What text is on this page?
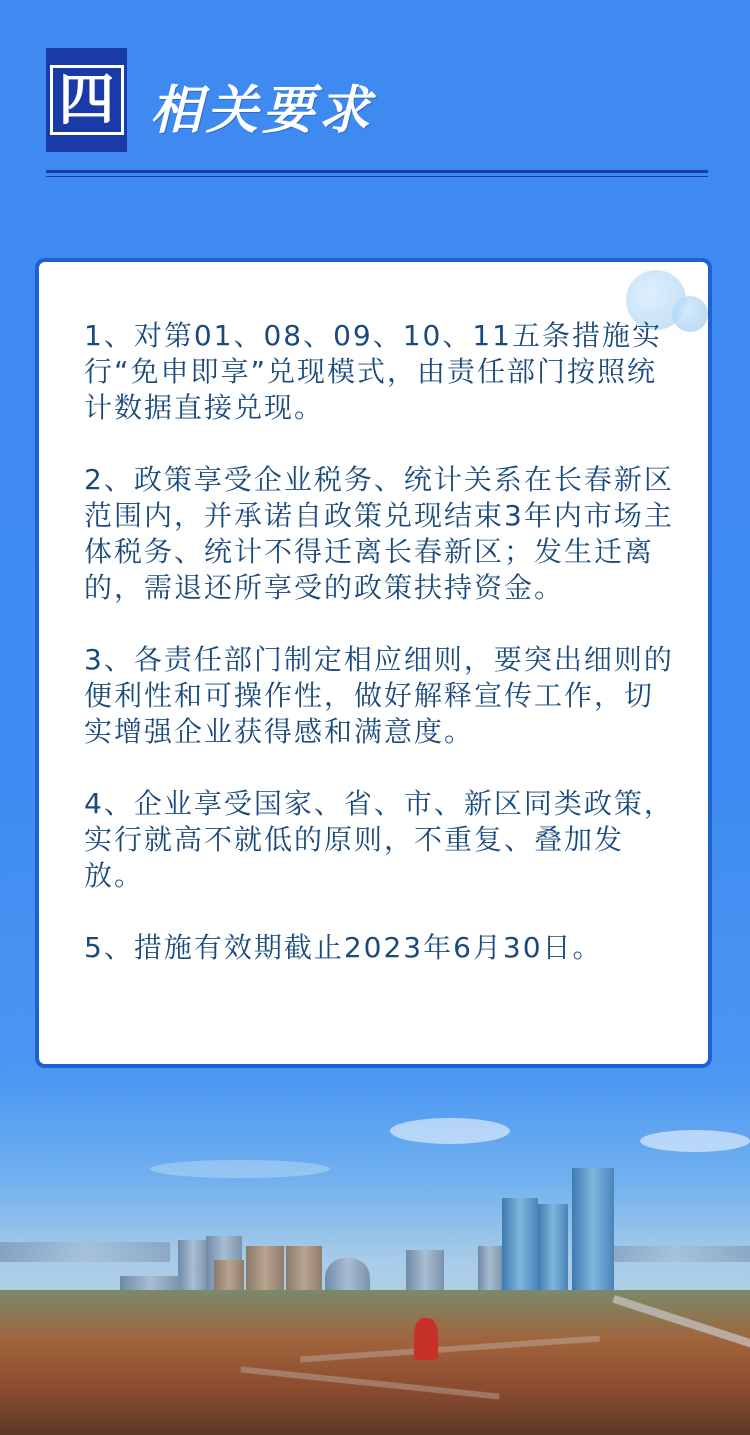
四 相关要求

1、对第01、08、09、10、11五条措施实行“免申即享”兑现模式，由责任部门按照统计数据直接兑现。

2、政策享受企业税务、统计关系在长春新区范围内，并承诺自政策兑现结束3年内市场主体税务、统计不得迁离长春新区；发生迁离的，需退还所享受的政策扶持资金。

3、各责任部门制定相应细则，要突出细则的便利性和可操作性，做好解释宣传工作，切实增强企业获得感和满意度。

4、企业享受国家、省、市、新区同类政策，实行就高不就低的原则，不重复、叠加发放。

5、措施有效期截止2023年6月30日。
